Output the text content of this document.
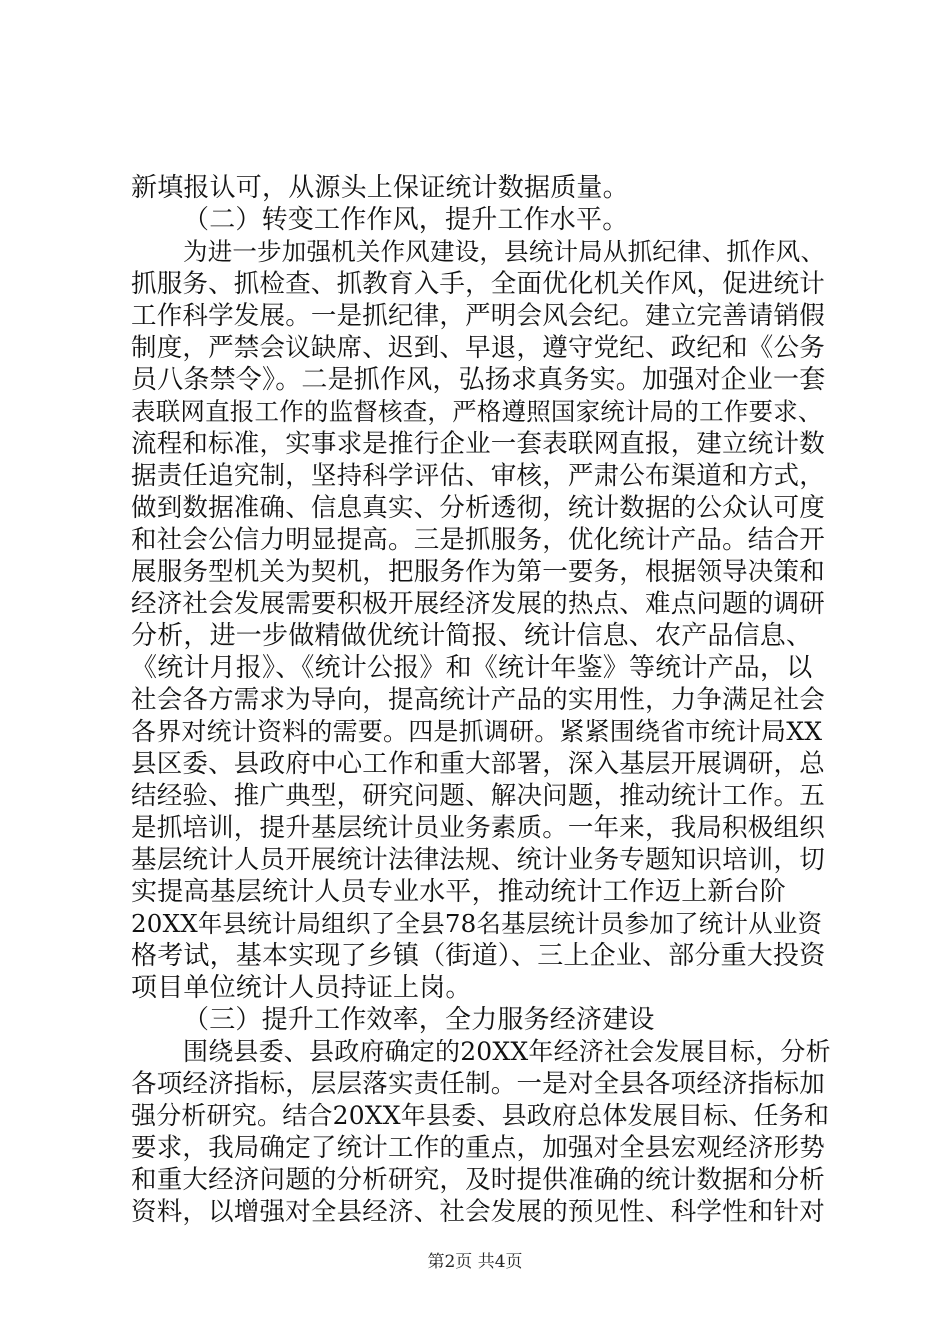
新填报认可，从源头上保证统计数据质量。
（二）转变工作作风，提升工作水平。
为进一步加强机关作风建设，县统计局从抓纪律、抓作风、
抓服务、抓检查、抓教育入手，全面优化机关作风，促进统计
工作科学发展。一是抓纪律，严明会风会纪。建立完善请销假
制度，严禁会议缺席、迟到、早退，遵守党纪、政纪和《公务
员八条禁令》。二是抓作风，弘扬求真务实。加强对企业一套
表联网直报工作的监督核查，严格遵照国家统计局的工作要求、
流程和标准，实事求是推行企业一套表联网直报，建立统计数
据责任追究制，坚持科学评估、审核，严肃公布渠道和方式，
做到数据准确、信息真实、分析透彻，统计数据的公众认可度
和社会公信力明显提高。三是抓服务，优化统计产品。结合开
展服务型机关为契机，把服务作为第一要务，根据领导决策和
经济社会发展需要积极开展经济发展的热点、难点问题的调研
分析，进一步做精做优统计简报、统计信息、农产品信息、
《统计月报》、《统计公报》和《统计年鉴》等统计产品，以
社会各方需求为导向，提高统计产品的实用性，力争满足社会
各界对统计资料的需要。四是抓调研。紧紧围绕省市统计局XX
县区委、县政府中心工作和重大部署，深入基层开展调研，总
结经验、推广典型，研究问题、解决问题，推动统计工作。五
是抓培训，提升基层统计员业务素质。一年来，我局积极组织
基层统计人员开展统计法律法规、统计业务专题知识培训，切
实提高基层统计人员专业水平，推动统计工作迈上新台阶
20XX年县统计局组织了全县78名基层统计员参加了统计从业资
格考试，基本实现了乡镇（街道）、三上企业、部分重大投资
项目单位统计人员持证上岗。
（三）提升工作效率，全力服务经济建设
围绕县委、县政府确定的20XX年经济社会发展目标，分析
各项经济指标，层层落实责任制。一是对全县各项经济指标加
强分析研究。结合20XX年县委、县政府总体发展目标、任务和
要求，我局确定了统计工作的重点，加强对全县宏观经济形势
和重大经济问题的分析研究，及时提供准确的统计数据和分析
资料，以增强对全县经济、社会发展的预见性、科学性和针对
第2页 共4页
